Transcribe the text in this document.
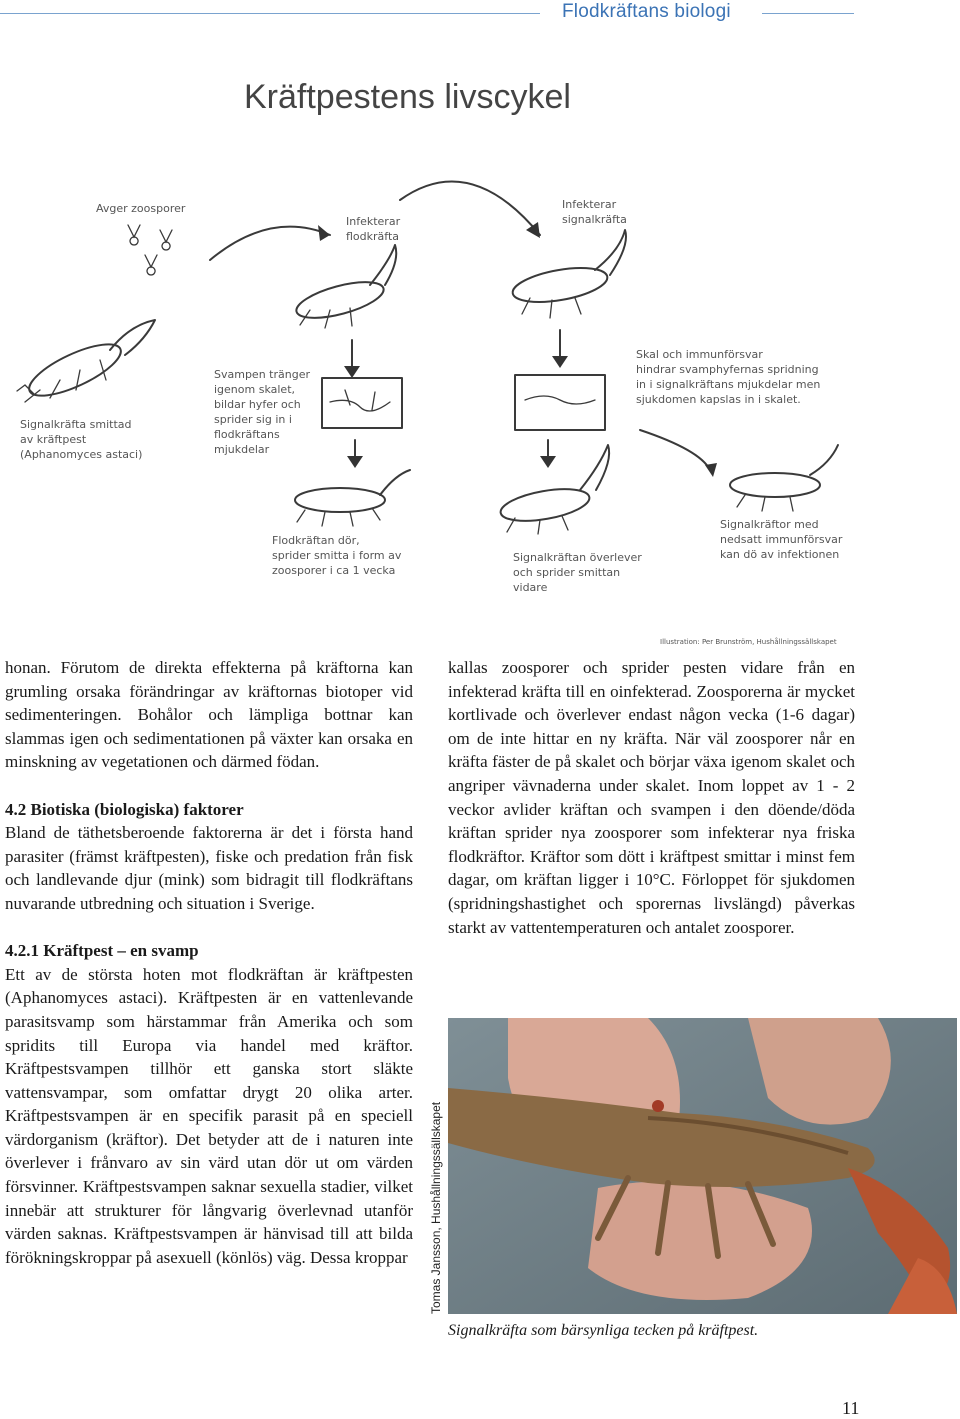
Flodkräftans biologi
Kräftpestens livscykel
Avger zoosporer
Infekterar
flodkräfta
Infekterar
signalkräfta
Signalkräfta smittad
av kräftpest
(Aphanomyces astaci)
Svampen tränger
igenom skalet,
bildar hyfer och
sprider sig in i
flodkräftans
mjukdelar
Skal och immunförsvar
hindrar svamphyfernas spridning
in i signalkräftans mjukdelar men
sjukdomen kapslas in i skalet.
Flodkräftan dör,
sprider smitta i form av
zoosporer i ca 1 vecka
Signalkräftan överlever
och sprider smittan
vidare
Signalkräftor med
nedsatt immunförsvar
kan dö av infektionen
Illustration: Per Brunström, Hushållningssällskapet

honan. Förutom de direkta effekterna på kräftorna kan grumling orsaka förändringar av kräftornas biotoper vid sedimenteringen. Bohålor och lämpliga bottnar kan slammas igen och sedimentationen på växter kan orsaka en minskning av vegetationen och därmed födan.

4.2 Biotiska (biologiska) faktorer

Bland de täthetsberoende faktorerna är det i första hand parasiter (främst kräftpesten), fiske och predation från fisk och landlevande djur (mink) som bidragit till flodkräftans nuvarande utbredning och situation i Sverige.

4.2.1 Kräftpest – en svamp

Ett av de största hoten mot flodkräftan är kräftpesten (Aphanomyces astaci). Kräftpesten är en vattenlevande parasitsvamp som härstammar från Amerika och som spridits till Europa via handel med kräftor. Kräftpestsvampen tillhör ett ganska stort släkte vattensvampar, som omfattar drygt 20 olika arter. Kräftpestsvampen är en specifik parasit på en speciell värdorganism (kräftor). Det betyder att de i naturen inte överlever i frånvaro av sin värd utan dör ut om värden försvinner. Kräftpestsvampen saknar sexuella stadier, vilket innebär att strukturer för långvarig överlevnad utanför värden saknas. Kräftpestsvampen är hänvisad till att bilda förökningskroppar på asexuell (könlös) väg. Dessa kroppar

kallas zoosporer och sprider pesten vidare från en infekterad kräfta till en oinfekterad. Zoosporerna är mycket kortlivade och överlever endast någon vecka (1-6 dagar) om de inte hittar en ny kräfta. När väl zoosporer når en kräfta fäster de på skalet och börjar växa igenom skalet och angriper vävnaderna under skalet. Inom loppet av 1 - 2 veckor avlider kräftan och svampen i den döende/döda kräftan sprider nya zoosporer som infekterar nya friska flodkräftor. Kräftor som dött i kräftpest smittar i minst fem dagar, om kräftan ligger i 10°C. Förloppet för sjukdomen (spridningshastighet och sporernas livslängd) påverkas starkt av vattentemperaturen och antalet zoosporer.

Tomas Jansson, Hushållningssällskapet
Signalkräfta som bärsynliga tecken på kräftpest.
11
